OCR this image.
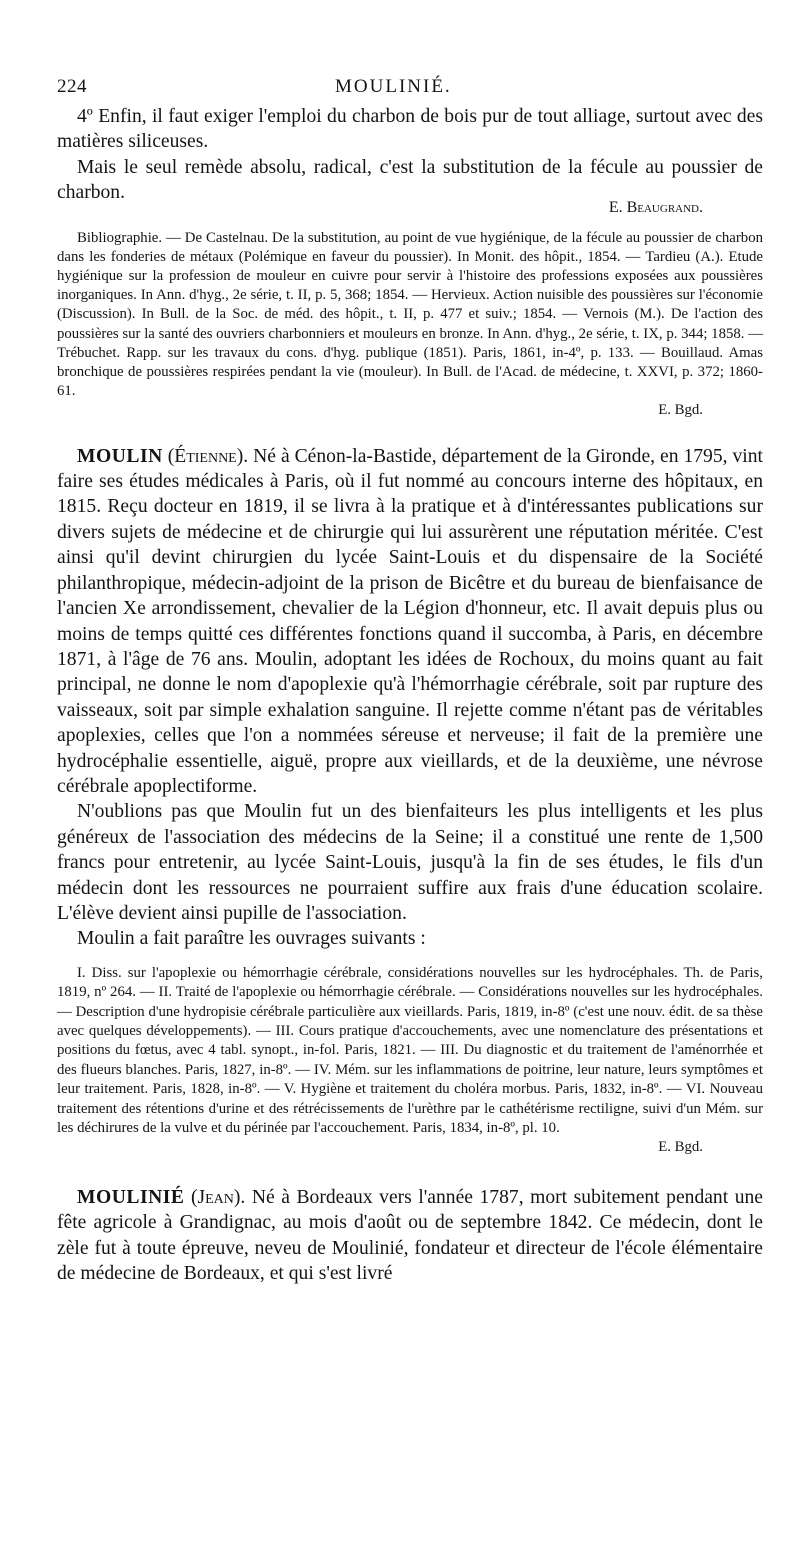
224	MOULINIÉ.

4º Enfin, il faut exiger l'emploi du charbon de bois pur de tout alliage, surtout avec des matières siliceuses.

Mais le seul remède absolu, radical, c'est la substitution de la fécule au poussier de charbon.

E. Beaugrand.

Bibliographie. — De Castelnau. De la substitution, au point de vue hygiénique, de la fécule au poussier de charbon dans les fonderies de métaux (Polémique en faveur du poussier). In Monit. des hôpit., 1854. — Tardieu (A.). Etude hygiénique sur la profession de mouleur en cuivre pour servir à l'histoire des professions exposées aux poussières inorganiques. In Ann. d'hyg., 2e série, t. II, p. 5, 368; 1854. — Hervieux. Action nuisible des poussières sur l'économie (Discussion). In Bull. de la Soc. de méd. des hôpit., t. II, p. 477 et suiv.; 1854. — Vernois (M.). De l'action des poussières sur la santé des ouvriers charbonniers et mouleurs en bronze. In Ann. d'hyg., 2e série, t. IX, p. 344; 1858. — Trébuchet. Rapp. sur les travaux du cons. d'hyg. publique (1851). Paris, 1861, in-4º, p. 133. — Bouillaud. Amas bronchique de poussières respirées pendant la vie (mouleur). In Bull. de l'Acad. de médecine, t. XXVI, p. 372; 1860-61.

E. Bgd.

MOULIN (Étienne). Né à Cénon-la-Bastide, département de la Gironde, en 1795, vint faire ses études médicales à Paris, où il fut nommé au concours interne des hôpitaux, en 1815. Reçu docteur en 1819, il se livra à la pratique et à d'intéressantes publications sur divers sujets de médecine et de chirurgie qui lui assurèrent une réputation méritée. C'est ainsi qu'il devint chirurgien du lycée Saint-Louis et du dispensaire de la Société philanthropique, médecin-adjoint de la prison de Bicêtre et du bureau de bienfaisance de l'ancien Xe arrondissement, chevalier de la Légion d'honneur, etc. Il avait depuis plus ou moins de temps quitté ces différentes fonctions quand il succomba, à Paris, en décembre 1871, à l'âge de 76 ans. Moulin, adoptant les idées de Rochoux, du moins quant au fait principal, ne donne le nom d'apoplexie qu'à l'hémorrhagie cérébrale, soit par rupture des vaisseaux, soit par simple exhalation sanguine. Il rejette comme n'étant pas de véritables apoplexies, celles que l'on a nommées séreuse et nerveuse; il fait de la première une hydrocéphalie essentielle, aiguë, propre aux vieillards, et de la deuxième, une névrose cérébrale apoplectiforme.

N'oublions pas que Moulin fut un des bienfaiteurs les plus intelligents et les plus généreux de l'association des médecins de la Seine; il a constitué une rente de 1,500 francs pour entretenir, au lycée Saint-Louis, jusqu'à la fin de ses études, le fils d'un médecin dont les ressources ne pourraient suffire aux frais d'une éducation scolaire. L'élève devient ainsi pupille de l'association.

Moulin a fait paraître les ouvrages suivants :

I. Diss. sur l'apoplexie ou hémorrhagie cérébrale, considérations nouvelles sur les hydrocéphales. Th. de Paris, 1819, nº 264. — II. Traité de l'apoplexie ou hémorrhagie cérébrale. — Considérations nouvelles sur les hydrocéphales. — Description d'une hydropisie cérébrale particulière aux vieillards. Paris, 1819, in-8º (c'est une nouv. édit. de sa thèse avec quelques développements). — III. Cours pratique d'accouchements, avec une nomenclature des présentations et positions du fœtus, avec 4 tabl. synopt., in-fol. Paris, 1821. — III. Du diagnostic et du traitement de l'aménorrhée et des flueurs blanches. Paris, 1827, in-8º. — IV. Mém. sur les inflammations de poitrine, leur nature, leurs symptômes et leur traitement. Paris, 1828, in-8º. — V. Hygiène et traitement du choléra morbus. Paris, 1832, in-8º. — VI. Nouveau traitement des rétentions d'urine et des rétrécissements de l'urèthre par le cathétérisme rectiligne, suivi d'un Mém. sur les déchirures de la vulve et du périnée par l'accouchement. Paris, 1834, in-8º, pl. 10.

E. Bgd.

MOULINIÉ (Jean). Né à Bordeaux vers l'année 1787, mort subitement pendant une fête agricole à Grandignac, au mois d'août ou de septembre 1842. Ce médecin, dont le zèle fut à toute épreuve, neveu de Moulinié, fondateur et directeur de l'école élémentaire de médecine de Bordeaux, et qui s'est livré
